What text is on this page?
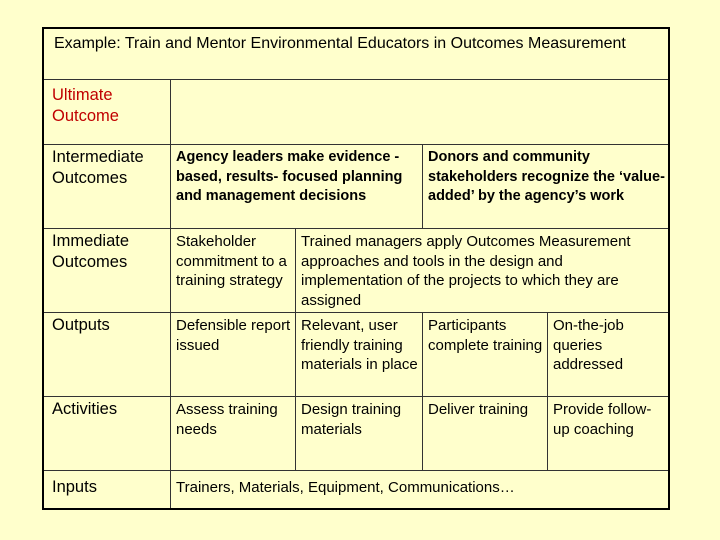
Example: Train and Mentor Environmental Educators in Outcomes Measurement
Ultimate Outcome
Intermediate Outcomes
Immediate Outcomes
Outputs
Activities
Inputs
Agency leaders make evidence - based, results- focused planning and management decisions
Donors and community stakeholders recognize the ‘value-added’ by the agency’s work
Stakeholder commitment to a training strategy
Trained managers apply Outcomes Measurement approaches and tools in the design and implementation of the projects to which they are assigned
Defensible report issued
Relevant, user friendly training materials in place
Participants complete training
On-the-job queries addressed
Assess training needs
Design training materials
Deliver training	Provide follow-up coaching
Trainers, Materials, Equipment, Communications…
